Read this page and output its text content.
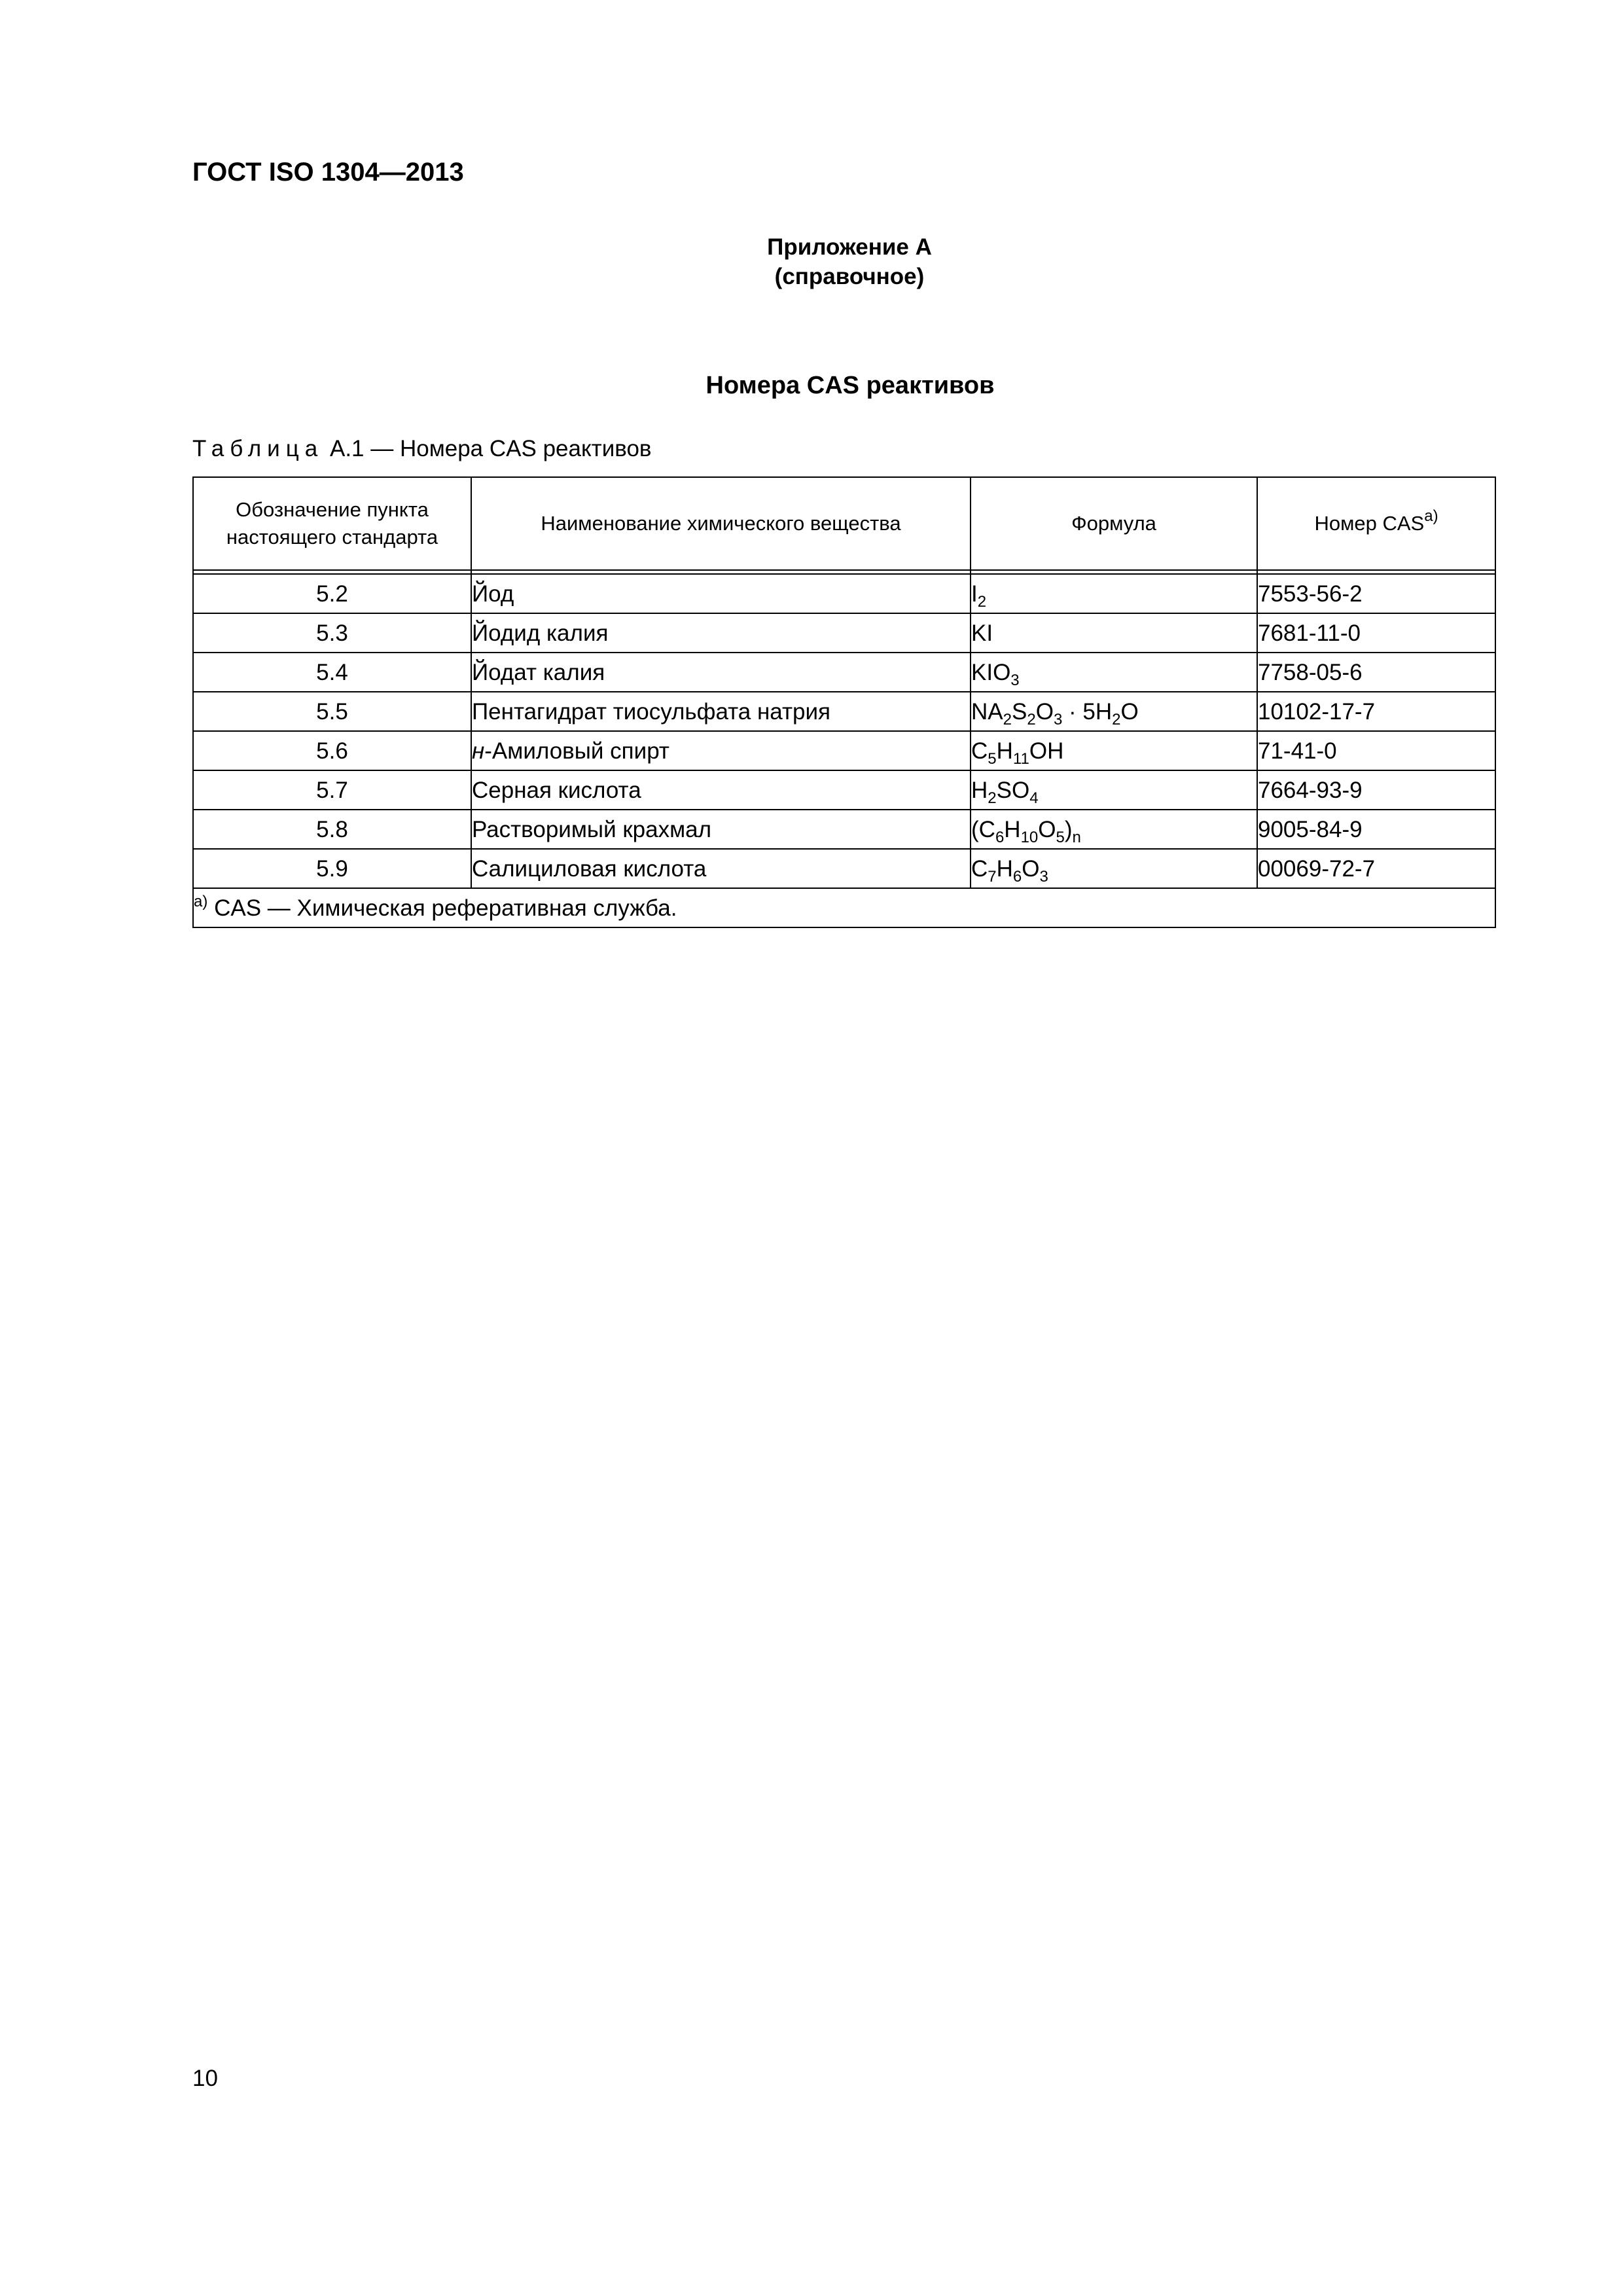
ГОСТ ISO 1304—2013
Приложение А
(справочное)
Номера CAS реактивов
Таблица А.1 — Номера CAS реактивов
Обозначение пункта
настоящего стандарта	Наименование химического вещества	Формула	Номер $CAS^{а)}$

5.2	Йод	$I_2$	7553-56-2
5.3	Йодид калия	KI	7681-11-0
5.4	Йодат калия	$KIO_3$	7758-05-6
5.5	Пентагидрат тиосульфата натрия	$NA_2S_2O_3 \cdot 5H_2O$	10102-17-7
5.6	н-Амиловый спирт	$C_5H_{11}OH$	71-41-0
5.7	Серная кислота	$H_2SO_4$	7664-93-9
5.8	Растворимый крахмал	$(C_6H_{10}O_5)_n$	9005-84-9
5.9	Салициловая кислота	$C_7H_6O_3$	00069-72-7
$^{а)}$ CAS — Химическая реферативная служба.			
10
